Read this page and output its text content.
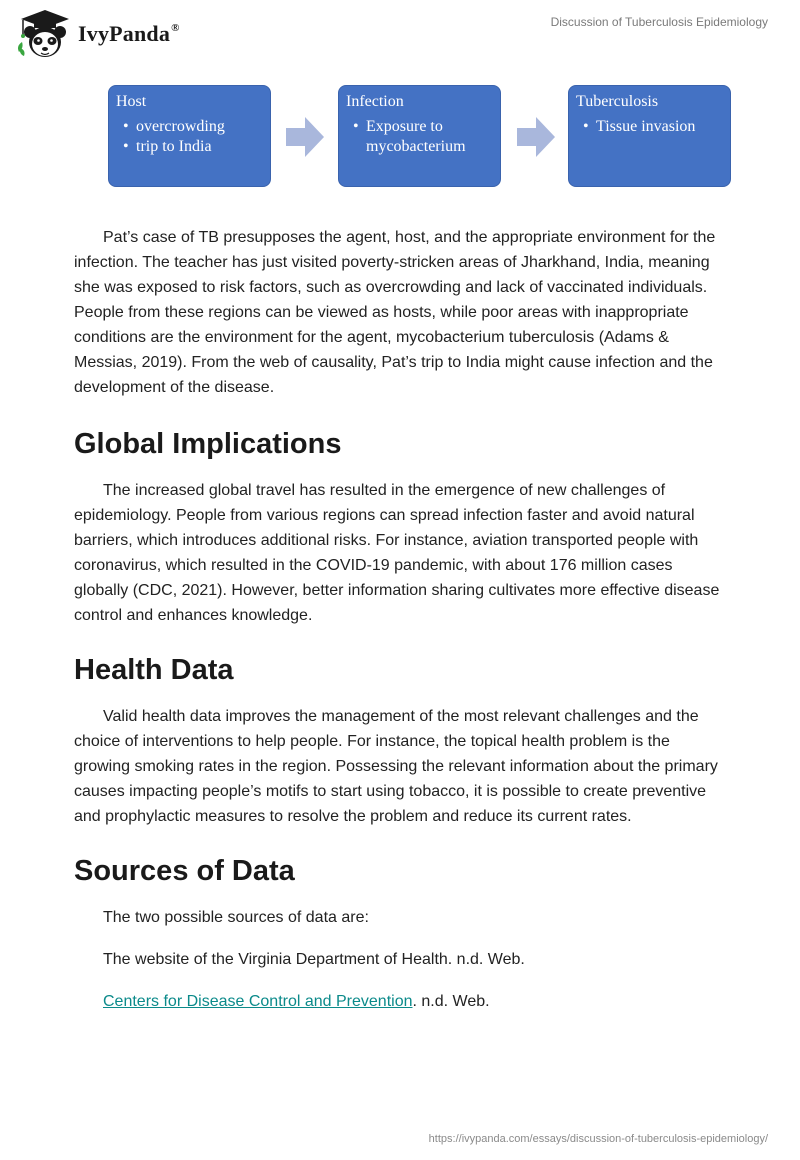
IvyPanda®	Discussion of Tuberculosis Epidemiology
Host
• overcrowding
• trip to India
Infection
• Exposure to mycobacterium
Tuberculosis
• Tissue invasion

Pat’s case of TB presupposes the agent, host, and the appropriate environment for the infection. The teacher has just visited poverty-stricken areas of Jharkhand, India, meaning she was exposed to risk factors, such as overcrowding and lack of vaccinated individuals. People from these regions can be viewed as hosts, while poor areas with inappropriate conditions are the environment for the agent, mycobacterium tuberculosis (Adams & Messias, 2019). From the web of causality, Pat’s trip to India might cause infection and the development of the disease.

Global Implications

The increased global travel has resulted in the emergence of new challenges of epidemiology. People from various regions can spread infection faster and avoid natural barriers, which introduces additional risks. For instance, aviation transported people with coronavirus, which resulted in the COVID-19 pandemic, with about 176 million cases globally (CDC, 2021). However, better information sharing cultivates more effective disease control and enhances knowledge.

Health Data

Valid health data improves the management of the most relevant challenges and the choice of interventions to help people. For instance, the topical health problem is the growing smoking rates in the region. Possessing the relevant information about the primary causes impacting people’s motifs to start using tobacco, it is possible to create preventive and prophylactic measures to resolve the problem and reduce its current rates.

Sources of Data

The two possible sources of data are:

The website of the Virginia Department of Health. n.d. Web.

Centers for Disease Control and Prevention. n.d. Web.

https://ivypanda.com/essays/discussion-of-tuberculosis-epidemiology/
